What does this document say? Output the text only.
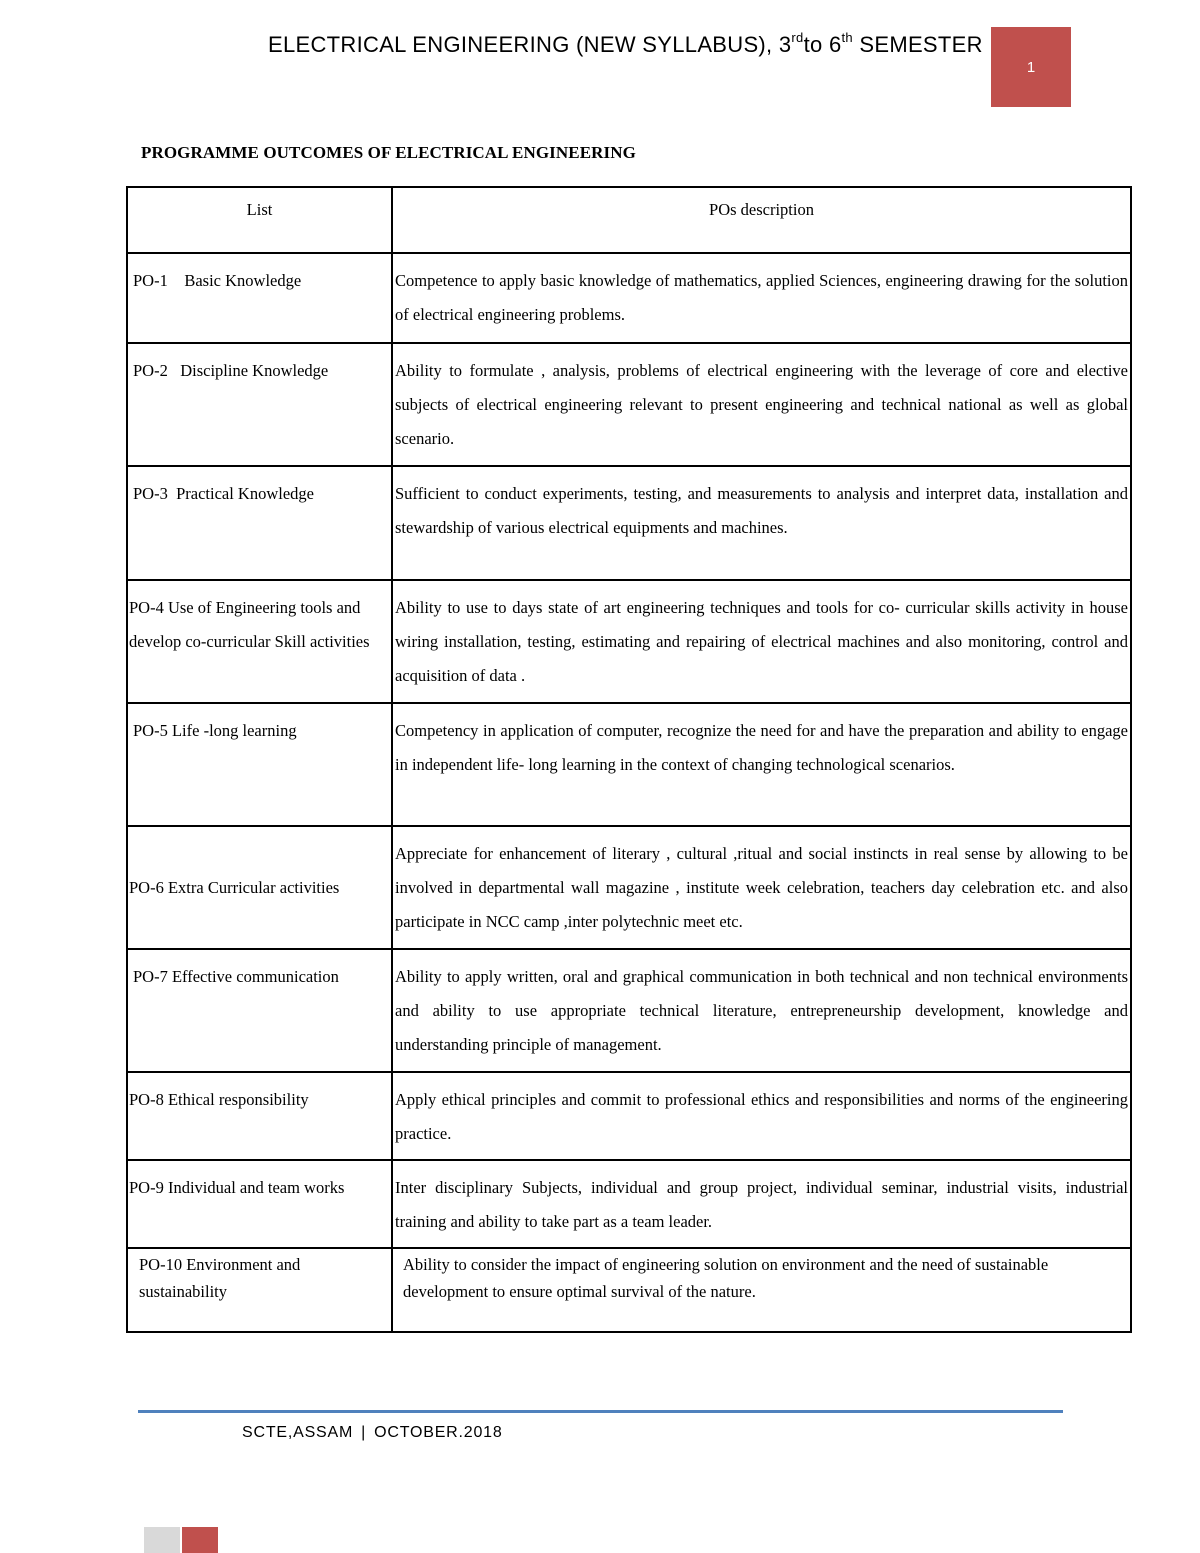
ELECTRICAL ENGINEERING (NEW SYLLABUS), 3rdto 6th SEMESTER
1
PROGRAMME OUTCOMES OF ELECTRICAL ENGINEERING
List	POs description
PO-1    Basic Knowledge	Competence to apply basic knowledge of mathematics, applied Sciences, engineering drawing for the solution of electrical engineering problems.
PO-2   Discipline Knowledge	Ability to formulate , analysis, problems of electrical engineering with the leverage of core and elective subjects of electrical engineering relevant to present engineering and technical national as well as global scenario.
PO-3  Practical Knowledge	Sufficient to conduct experiments, testing, and measurements to analysis and interpret data, installation and stewardship of various electrical equipments and machines.
PO-4 Use of Engineering tools and develop co-curricular Skill activities	Ability to use to days state of art engineering techniques and tools for co- curricular skills activity in house wiring installation, testing, estimating and repairing of electrical machines and also monitoring, control and acquisition of data .
PO-5 Life -long learning	Competency in application of computer, recognize the need for and have the preparation and ability to engage in independent life- long learning in the context of changing technological scenarios.
PO-6 Extra Curricular activities	Appreciate for enhancement of literary , cultural ,ritual and social instincts in real sense by allowing to be involved in departmental wall magazine , institute week celebration, teachers day celebration etc. and also participate in NCC camp ,inter polytechnic meet etc.
PO-7 Effective communication	Ability to apply written, oral and graphical communication in both technical and non technical environments and ability to use appropriate technical literature, entrepreneurship development, knowledge and understanding principle of management.
PO-8 Ethical responsibility	Apply ethical principles and commit to professional ethics and responsibilities and norms of the engineering practice.
PO-9 Individual and team works	Inter disciplinary Subjects, individual and group project, individual seminar, industrial visits, industrial training and ability to take part as a team leader.
PO-10 Environment and sustainability	Ability to consider the impact of engineering solution on environment and the need of sustainable development to ensure optimal survival of the nature.
SCTE,ASSAM | OCTOBER.2018
